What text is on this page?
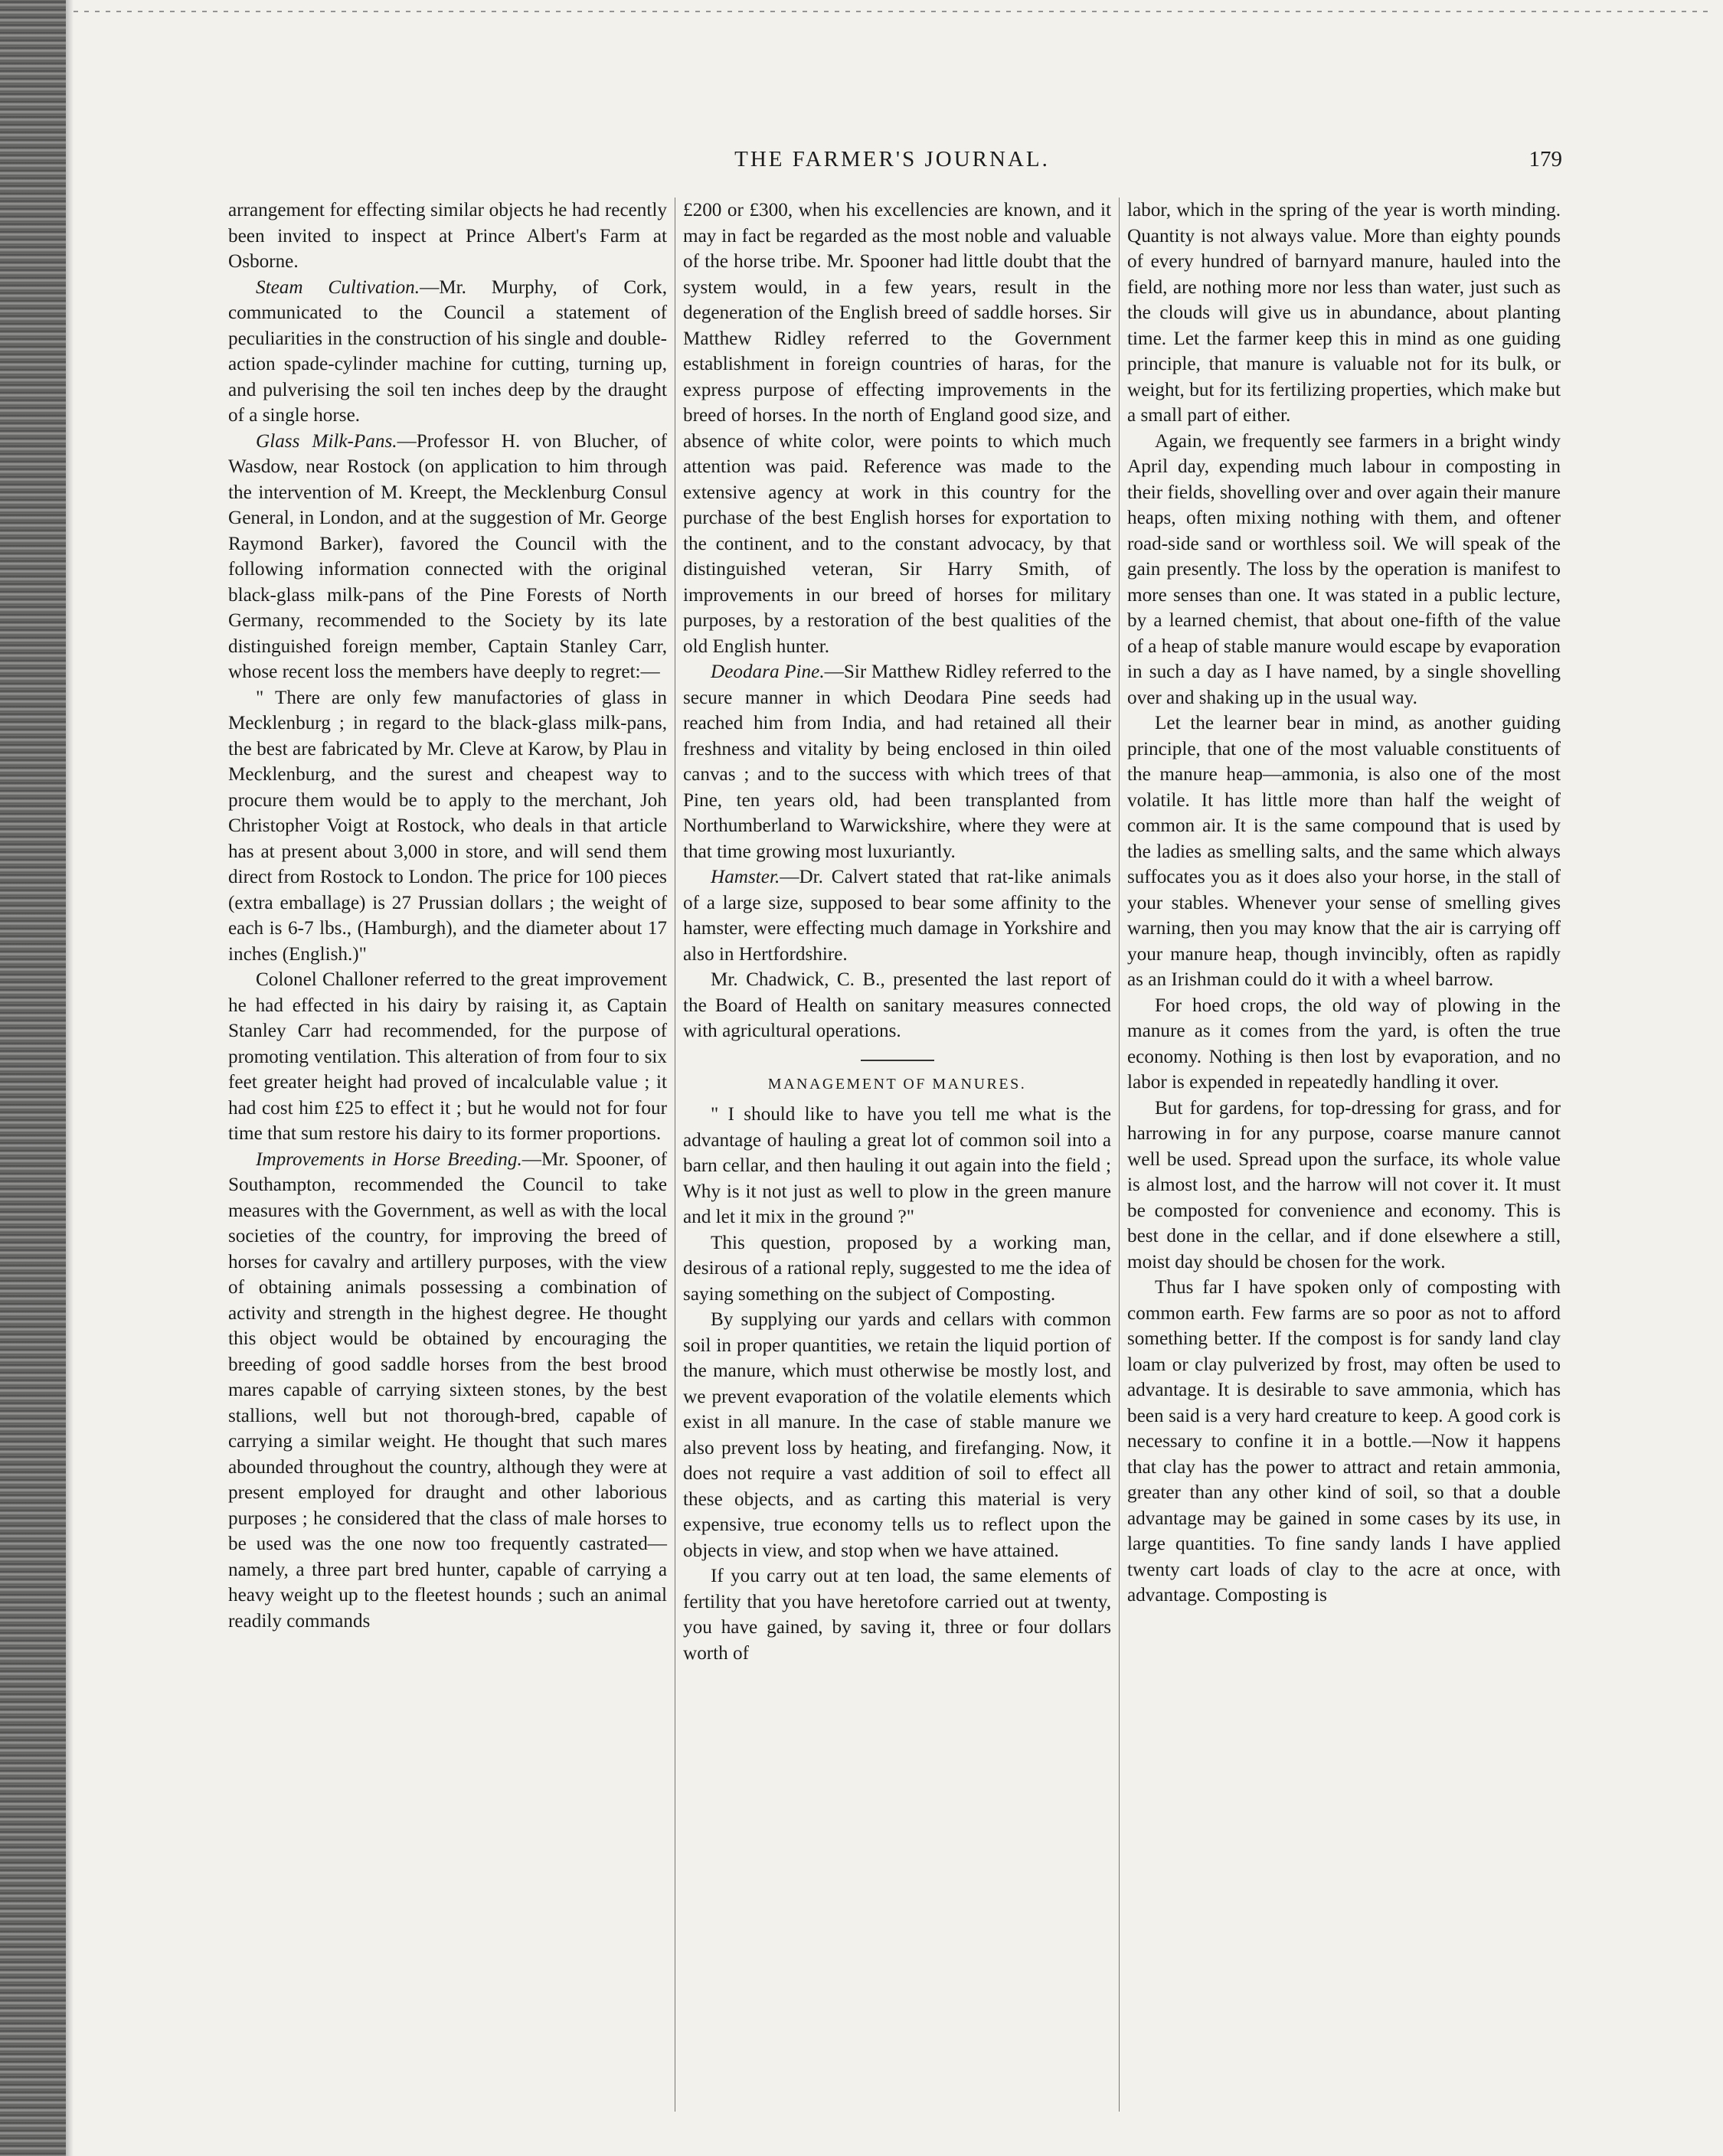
THE FARMER'S JOURNAL.	179

arrangement for effecting similar objects he had recently been invited to inspect at Prince Albert's Farm at Osborne.

Steam Cultivation.—Mr. Murphy, of Cork, communicated to the Council a statement of peculiarities in the construction of his single and double-action spade-cylinder machine for cutting, turning up, and pulverising the soil ten inches deep by the draught of a single horse.

Glass Milk-Pans.—Professor H. von Blucher, of Wasdow, near Rostock (on application to him through the intervention of M. Kreept, the Mecklenburg Consul General, in London, and at the suggestion of Mr. George Raymond Barker), favored the Council with the following information connected with the original black-glass milk-pans of the Pine Forests of North Germany, recommended to the Society by its late distinguished foreign member, Captain Stanley Carr, whose recent loss the members have deeply to regret:—

" There are only few manufactories of glass in Mecklenburg ; in regard to the black-glass milk-pans, the best are fabricated by Mr. Cleve at Karow, by Plau in Mecklenburg, and the surest and cheapest way to procure them would be to apply to the merchant, Joh Christopher Voigt at Rostock, who deals in that article has at present about 3,000 in store, and will send them direct from Rostock to London. The price for 100 pieces (extra emballage) is 27 Prussian dollars ; the weight of each is 6-7 lbs., (Hamburgh), and the diameter about 17 inches (English.)"

Colonel Challoner referred to the great improvement he had effected in his dairy by raising it, as Captain Stanley Carr had recommended, for the purpose of promoting ventilation. This alteration of from four to six feet greater height had proved of incalculable value ; it had cost him £25 to effect it ; but he would not for four time that sum restore his dairy to its former proportions.

Improvements in Horse Breeding.—Mr. Spooner, of Southampton, recommended the Council to take measures with the Government, as well as with the local societies of the country, for improving the breed of horses for cavalry and artillery purposes, with the view of obtaining animals possessing a combination of activity and strength in the highest degree. He thought this object would be obtained by encouraging the breeding of good saddle horses from the best brood mares capable of carrying sixteen stones, by the best stallions, well but not thorough-bred, capable of carrying a similar weight. He thought that such mares abounded throughout the country, although they were at present employed for draught and other laborious purposes ; he considered that the class of male horses to be used was the one now too frequently castrated—namely, a three part bred hunter, capable of carrying a heavy weight up to the fleetest hounds ; such an animal readily commands

£200 or £300, when his excellencies are known, and it may in fact be regarded as the most noble and valuable of the horse tribe. Mr. Spooner had little doubt that the system would, in a few years, result in the degeneration of the English breed of saddle horses. Sir Matthew Ridley referred to the Government establishment in foreign countries of haras, for the express purpose of effecting improvements in the breed of horses. In the north of England good size, and absence of white color, were points to which much attention was paid. Reference was made to the extensive agency at work in this country for the purchase of the best English horses for exportation to the continent, and to the constant advocacy, by that distinguished veteran, Sir Harry Smith, of improvements in our breed of horses for military purposes, by a restoration of the best qualities of the old English hunter.

Deodara Pine.—Sir Matthew Ridley referred to the secure manner in which Deodara Pine seeds had reached him from India, and had retained all their freshness and vitality by being enclosed in thin oiled canvas ; and to the success with which trees of that Pine, ten years old, had been transplanted from Northumberland to Warwickshire, where they were at that time growing most luxuriantly.

Hamster.—Dr. Calvert stated that rat-like animals of a large size, supposed to bear some affinity to the hamster, were effecting much damage in Yorkshire and also in Hertfordshire.

Mr. Chadwick, C. B., presented the last report of the Board of Health on sanitary measures connected with agricultural operations.

MANAGEMENT OF MANURES.

" I should like to have you tell me what is the advantage of hauling a great lot of common soil into a barn cellar, and then hauling it out again into the field ; Why is it not just as well to plow in the green manure and let it mix in the ground ?"

This question, proposed by a working man, desirous of a rational reply, suggested to me the idea of saying something on the subject of Composting.

By supplying our yards and cellars with common soil in proper quantities, we retain the liquid portion of the manure, which must otherwise be mostly lost, and we prevent evaporation of the volatile elements which exist in all manure. In the case of stable manure we also prevent loss by heating, and firefanging. Now, it does not require a vast addition of soil to effect all these objects, and as carting this material is very expensive, true economy tells us to reflect upon the objects in view, and stop when we have attained.

If you carry out at ten load, the same elements of fertility that you have heretofore carried out at twenty, you have gained, by saving it, three or four dollars worth of

labor, which in the spring of the year is worth minding. Quantity is not always value. More than eighty pounds of every hundred of barnyard manure, hauled into the field, are nothing more nor less than water, just such as the clouds will give us in abundance, about planting time. Let the farmer keep this in mind as one guiding principle, that manure is valuable not for its bulk, or weight, but for its fertilizing properties, which make but a small part of either.

Again, we frequently see farmers in a bright windy April day, expending much labour in composting in their fields, shovelling over and over again their manure heaps, often mixing nothing with them, and oftener road-side sand or worthless soil. We will speak of the gain presently. The loss by the operation is manifest to more senses than one. It was stated in a public lecture, by a learned chemist, that about one-fifth of the value of a heap of stable manure would escape by evaporation in such a day as I have named, by a single shovelling over and shaking up in the usual way.

Let the learner bear in mind, as another guiding principle, that one of the most valuable constituents of the manure heap—ammonia, is also one of the most volatile. It has little more than half the weight of common air. It is the same compound that is used by the ladies as smelling salts, and the same which always suffocates you as it does also your horse, in the stall of your stables. Whenever your sense of smelling gives warning, then you may know that the air is carrying off your manure heap, though invincibly, often as rapidly as an Irishman could do it with a wheel barrow.

For hoed crops, the old way of plowing in the manure as it comes from the yard, is often the true economy. Nothing is then lost by evaporation, and no labor is expended in repeatedly handling it over.

But for gardens, for top-dressing for grass, and for harrowing in for any purpose, coarse manure cannot well be used. Spread upon the surface, its whole value is almost lost, and the harrow will not cover it. It must be composted for convenience and economy. This is best done in the cellar, and if done elsewhere a still, moist day should be chosen for the work.

Thus far I have spoken only of composting with common earth. Few farms are so poor as not to afford something better. If the compost is for sandy land clay loam or clay pulverized by frost, may often be used to advantage. It is desirable to save ammonia, which has been said is a very hard creature to keep. A good cork is necessary to confine it in a bottle.—Now it happens that clay has the power to attract and retain ammonia, greater than any other kind of soil, so that a double advantage may be gained in some cases by its use, in large quantities. To fine sandy lands I have applied twenty cart loads of clay to the acre at once, with advantage. Composting is
